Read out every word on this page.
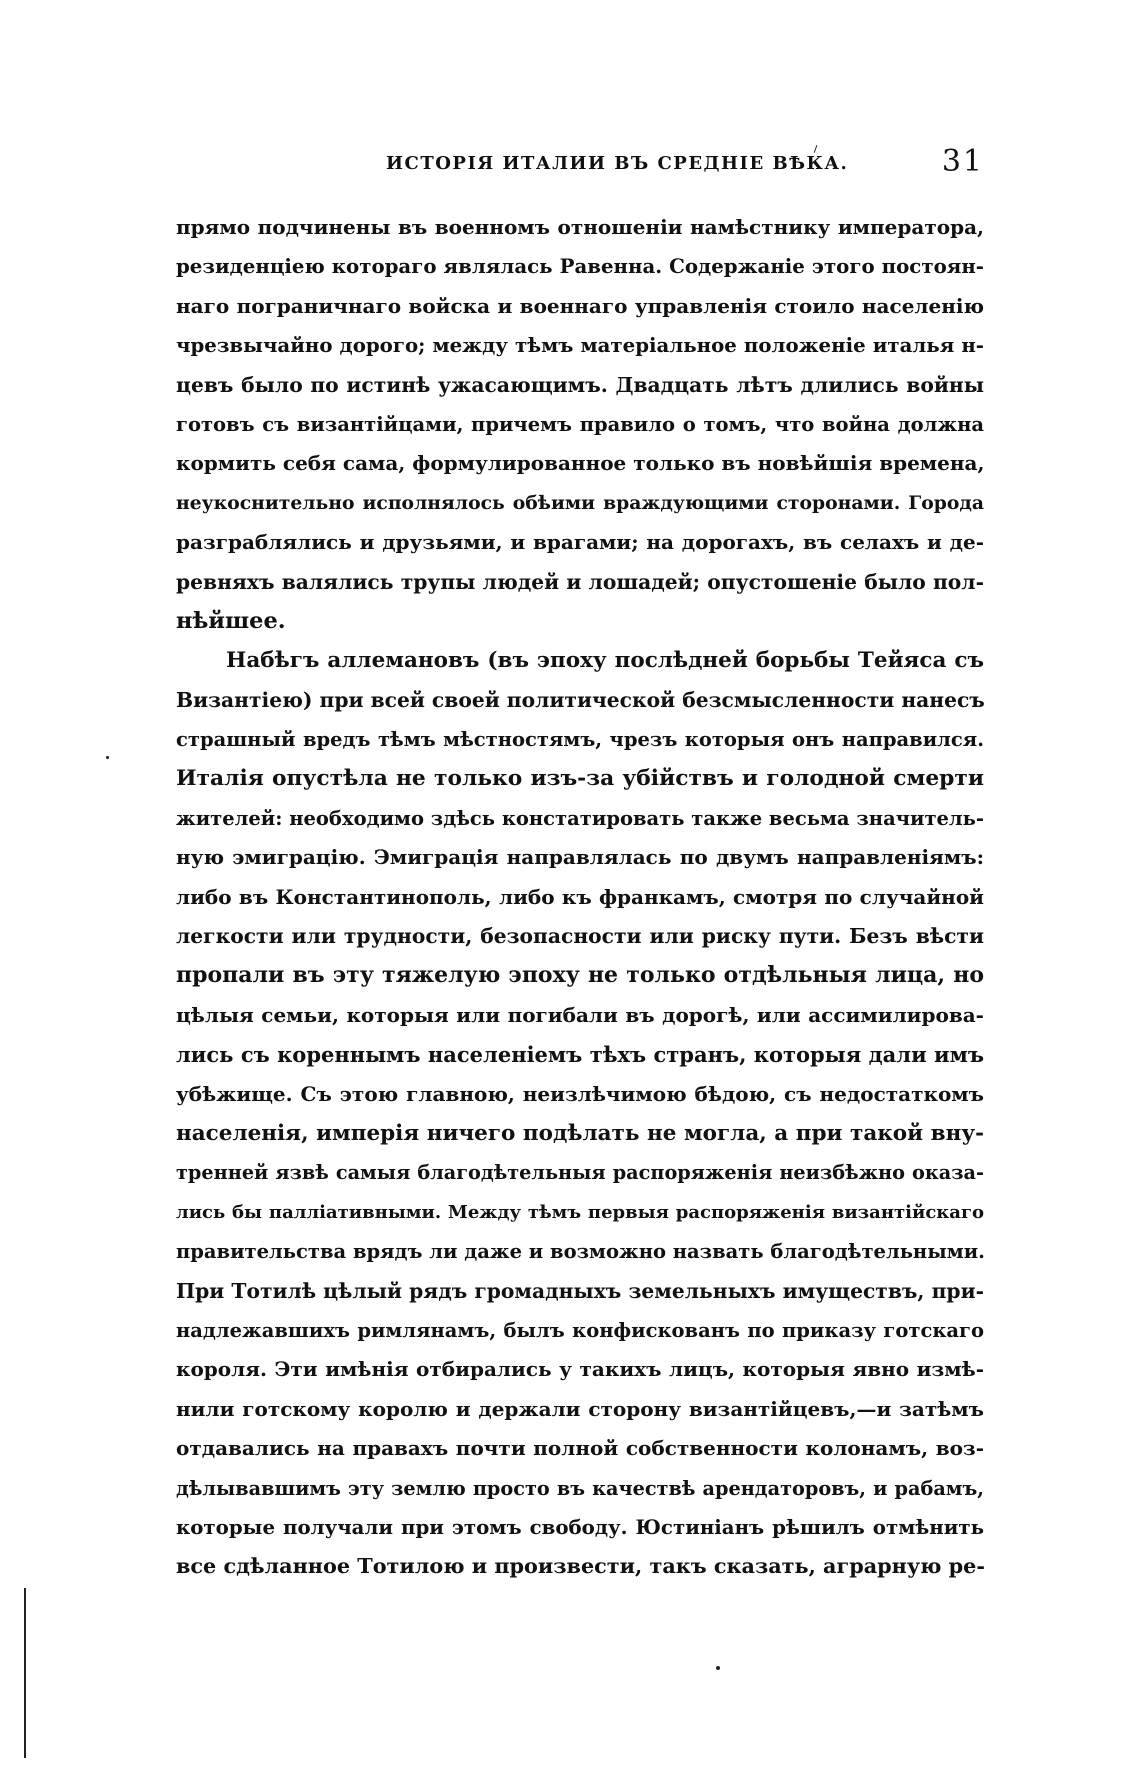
ИСТОРІЯ ИТАЛИИ ВЪ СРЕДНІЕ ВѢКА.	31
прямо подчинены въ военномъ отношеніи намѣстнику императора,
резиденціею котораго являлась Равенна. Содержаніе этого постоян-
наго пограничнаго войска и военнаго управленія стоило населенію
чрезвычайно дорого; между тѣмъ матеріальное положеніе италья н-
цевъ было по истинѣ ужасающимъ. Двадцать лѣтъ длились войны
готовъ съ византійцами, причемъ правило о томъ, что война должна
кормить себя сама, формулированное только въ новѣйшія времена,
неукоснительно исполнялось обѣими враждующими сторонами. Города
разграблялись и друзьями, и врагами; на дорогахъ, въ селахъ и де-
ревняхъ валялись трупы людей и лошадей; опустошеніе было пол-
нѣйшее.
Набѣгъ аллемановъ (въ эпоху послѣдней борьбы Тейяса съ
Византіею) при всей своей политической безсмысленности нанесъ
страшный вредъ тѣмъ мѣстностямъ, чрезъ которыя онъ направился.
Италія опустѣла не только изъ-за убійствъ и голодной смерти
жителей: необходимо здѣсь констатировать также весьма значитель-
ную эмиграцію. Эмиграція направлялась по двумъ направленіямъ:
либо въ Константинополь, либо къ франкамъ, смотря по случайной
легкости или трудности, безопасности или риску пути. Безъ вѣсти
пропали въ эту тяжелую эпоху не только отдѣльныя лица, но
цѣлыя семьи, которыя или погибали въ дорогѣ, или ассимилирова-
лись съ кореннымъ населеніемъ тѣхъ странъ, которыя дали имъ
убѣжище. Съ этою главною, неизлѣчимою бѣдою, съ недостаткомъ
населенія, имперія ничего подѣлать не могла, а при такой вну-
тренней язвѣ самыя благодѣтельныя распоряженія неизбѣжно оказа-
лись бы палліативными. Между тѣмъ первыя распоряженія византійскаго
правительства врядъ ли даже и возможно назвать благодѣтельными.
При Тотилѣ цѣлый рядъ громадныхъ земельныхъ имуществъ, при-
надлежавшихъ римлянамъ, былъ конфискованъ по приказу готскаго
короля. Эти имѣнія отбирались у такихъ лицъ, которыя явно измѣ-
нили готскому королю и держали сторону византійцевъ,—и затѣмъ
отдавались на правахъ почти полной собственности колонамъ, воз-
дѣлывавшимъ эту землю просто въ качествѣ арендаторовъ, и рабамъ,
которые получали при этомъ свободу. Юстиніанъ рѣшилъ отмѣнить
все сдѣланное Тотилою и произвести, такъ сказать, аграрную ре-
